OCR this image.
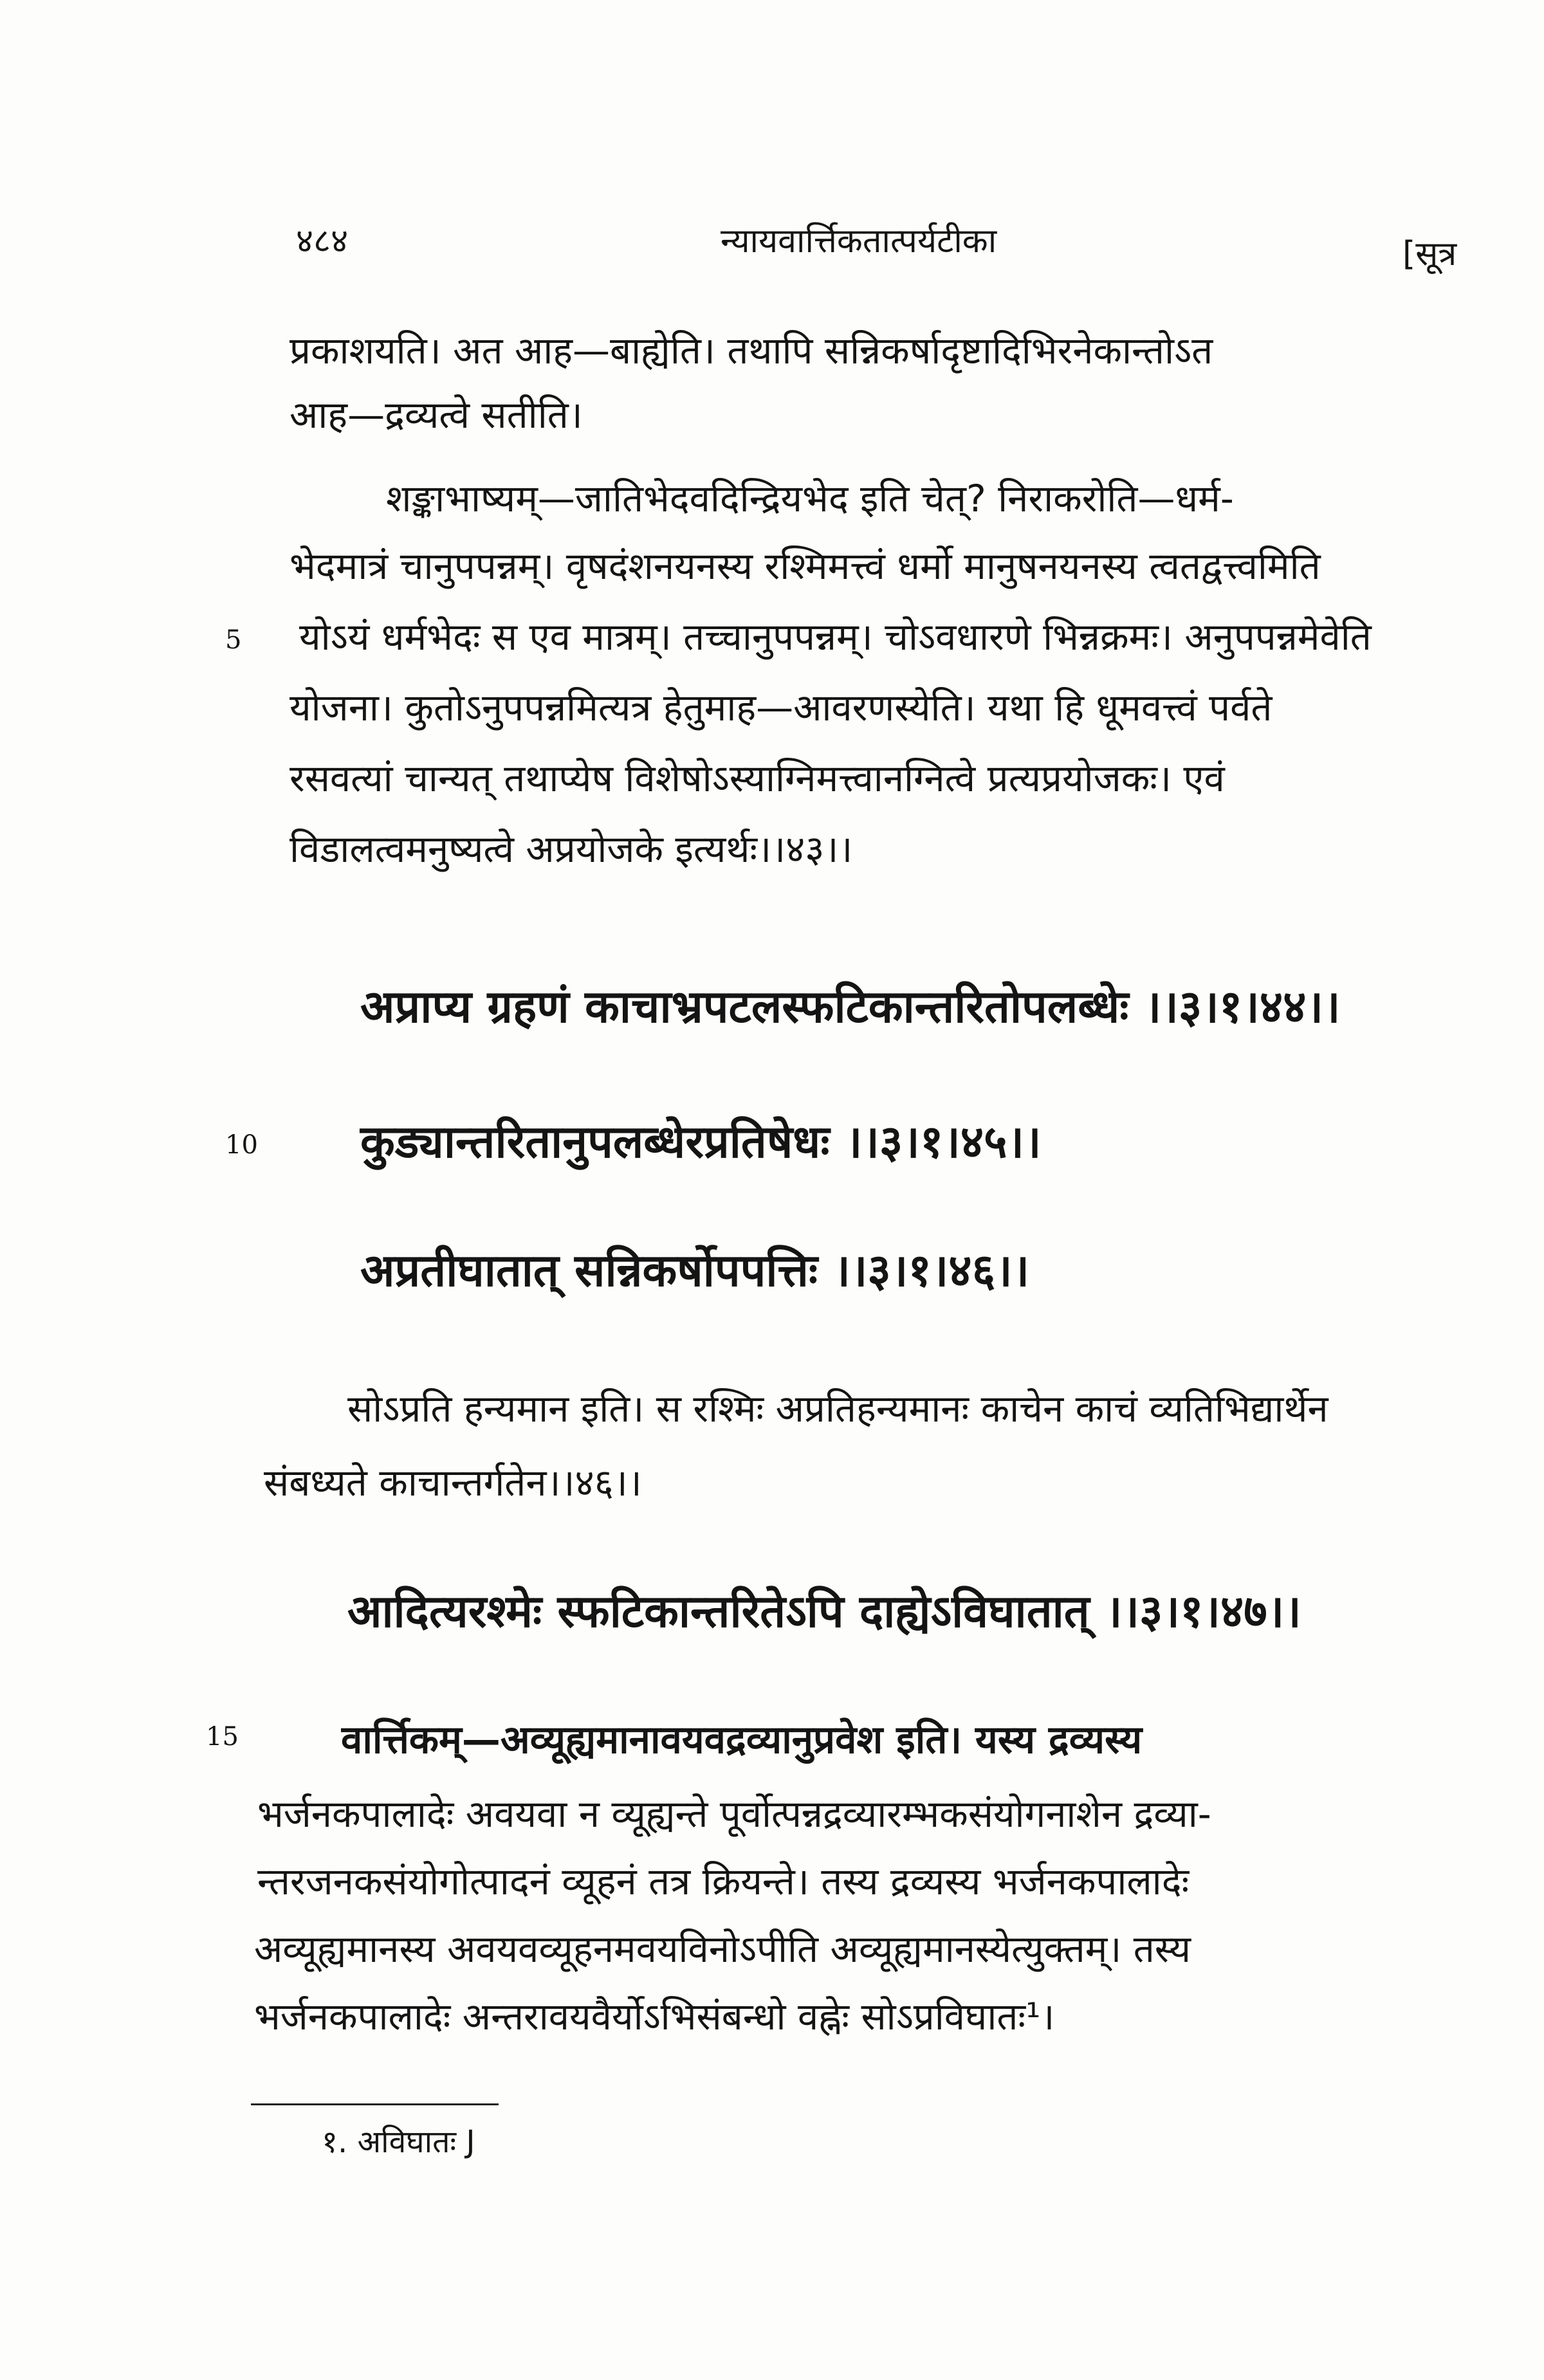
४८४	न्यायवार्त्तिकतात्पर्यटीका	[सूत्र
प्रकाशयति। अत आह—बाह्येति। तथापि सन्निकर्षादृष्टादिभिरनेकान्तोऽत
आह—द्रव्यत्वे सतीति।
शङ्काभाष्यम्—जातिभेदवदिन्द्रियभेद इति चेत्? निराकरोति—धर्म-
भेदमात्रं चानुपपन्नम्। वृषदंशनयनस्य रश्मिमत्त्वं धर्मो मानुषनयनस्य त्वतद्वत्त्वमिति
5 योऽयं धर्मभेदः स एव मात्रम्। तच्चानुपपन्नम्। चोऽवधारणे भिन्नक्रमः। अनुपपन्नमेवेति
योजना। कुतोऽनुपपन्नमित्यत्र हेतुमाह—आवरणस्येति। यथा हि धूमवत्त्वं पर्वते
रसवत्यां चान्यत् तथाप्येष विशेषोऽस्याग्निमत्त्वानग्नित्वे प्रत्यप्रयोजकः। एवं
विडालत्वमनुष्यत्वे अप्रयोजके इत्यर्थः।।४३।।
अप्राप्य ग्रहणं काचाभ्रपटलस्फटिकान्तरितोपलब्धेः ।।३।१।४४।।
10 कुड्यान्तरितानुपलब्धेरप्रतिषेधः ।।३।१।४५।।
अप्रतीघातात् सन्निकर्षोपपत्तिः ।।३।१।४६।।
सोऽप्रति हन्यमान इति। स रश्मिः अप्रतिहन्यमानः काचेन काचं व्यतिभिद्यार्थेन
संबध्यते काचान्तर्गतेन।।४६।।
आदित्यरश्मेः स्फटिकान्तरितेऽपि दाह्येऽविघातात् ।।३।१।४७।।
15	वार्त्तिकम्—अव्यूह्यमानावयवद्रव्यानुप्रवेश इति। यस्य द्रव्यस्य
भर्जनकपालादेः अवयवा न व्यूह्यन्ते पूर्वोत्पन्नद्रव्यारम्भकसंयोगनाशेन द्रव्या-
न्तरजनकसंयोगोत्पादनं व्यूहनं तत्र क्रियन्ते। तस्य द्रव्यस्य भर्जनकपालादेः
अव्यूह्यमानस्य अवयवव्यूहनमवयविनोऽपीति अव्यूह्यमानस्येत्युक्तम्। तस्य
भर्जनकपालादेः अन्तरावयवैर्योऽभिसंबन्धो वह्नेः सोऽप्रविघातः¹।
१. अविघातः J
